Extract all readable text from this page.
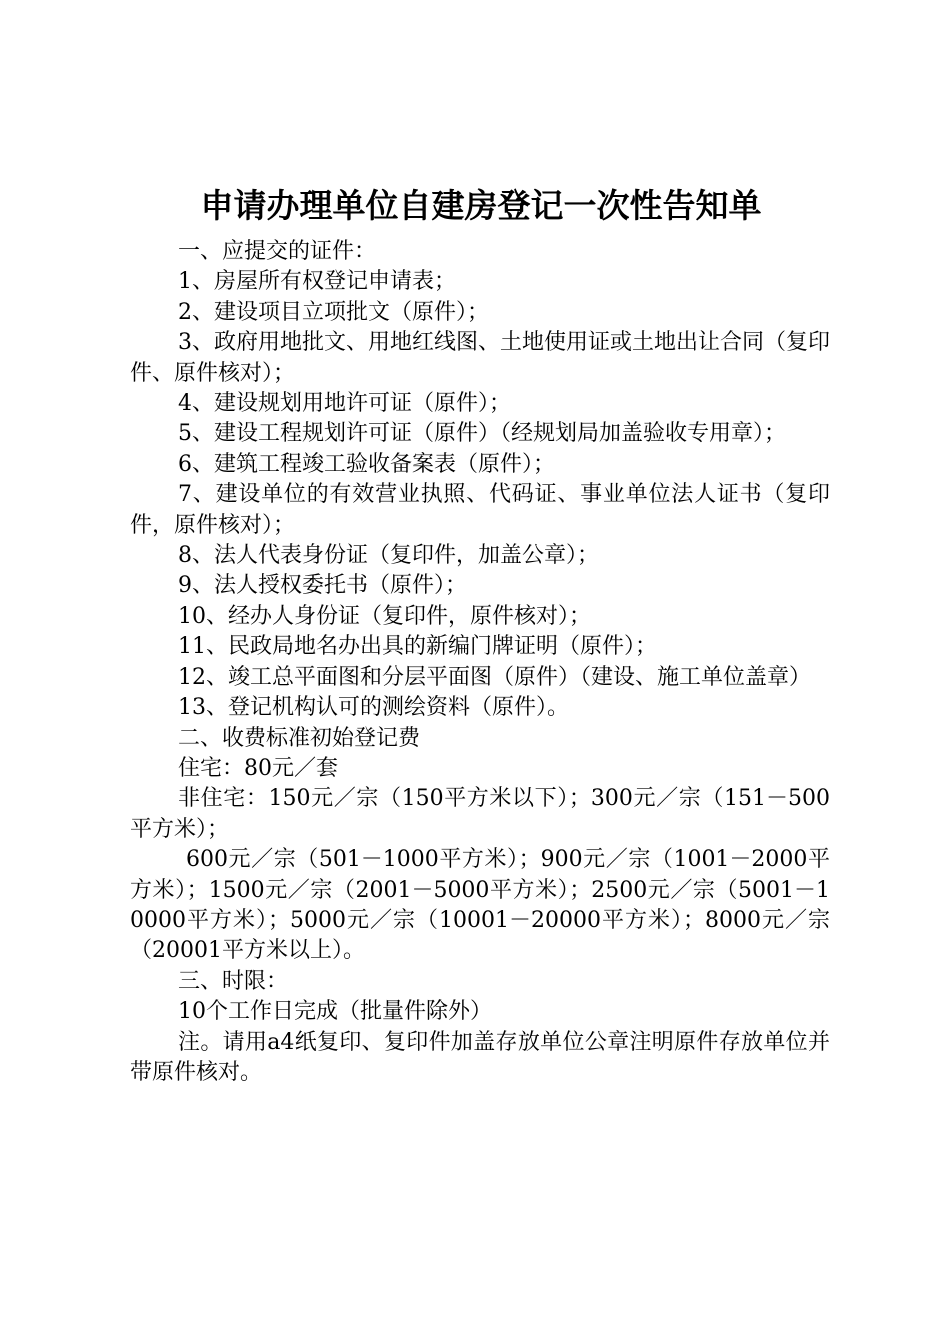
申请办理单位自建房登记一次性告知单

一、应提交的证件：

1、房屋所有权登记申请表；

2、建设项目立项批文（原件）；

3、政府用地批文、用地红线图、土地使用证或土地出让合同（复印件、原件核对）；

4、建设规划用地许可证（原件）；

5、建设工程规划许可证（原件）（经规划局加盖验收专用章）；

6、建筑工程竣工验收备案表（原件）；

7、建设单位的有效营业执照、代码证、事业单位法人证书（复印件，原件核对）；

8、法人代表身份证（复印件，加盖公章）；

9、法人授权委托书（原件）；

10、经办人身份证（复印件，原件核对）；

11、民政局地名办出具的新编门牌证明（原件）；

12、竣工总平面图和分层平面图（原件）（建设、施工单位盖章）

13、登记机构认可的测绘资料（原件）。

二、收费标准初始登记费

住宅：80元／套

非住宅：150元／宗（150平方米以下）；300元／宗（151－500平方米）；

600元／宗（501－1000平方米）；900元／宗（1001－2000平方米）；1500元／宗（2001－5000平方米）；2500元／宗（5001－10000平方米）；5000元／宗（10001－20000平方米）；8000元／宗（20001平方米以上）。

三、时限：

10个工作日完成（批量件除外）

注。请用a4纸复印、复印件加盖存放单位公章注明原件存放单位并带原件核对。
